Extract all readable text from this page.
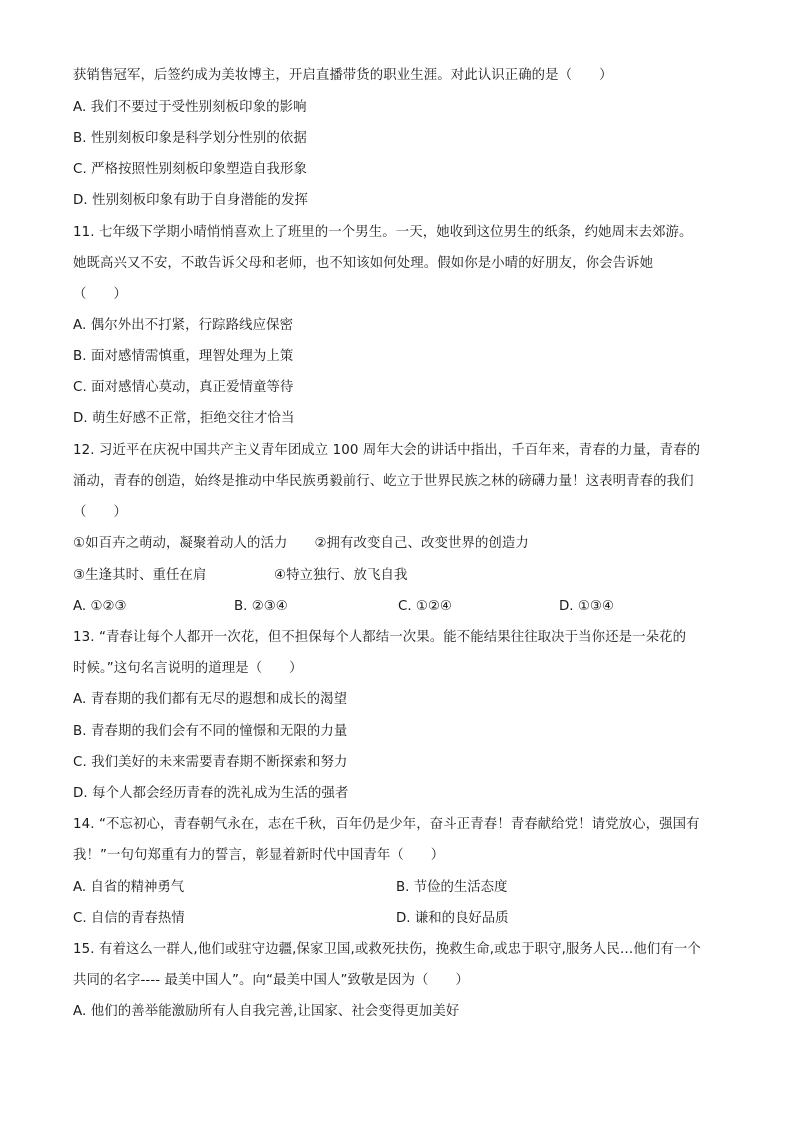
获销售冠军，后签约成为美妆博主，开启直播带货的职业生涯。对此认识正确的是（　　）
A. 我们不要过于受性别刻板印象的影响
B. 性别刻板印象是科学划分性别的依据
C. 严格按照性别刻板印象塑造自我形象
D. 性别刻板印象有助于自身潜能的发挥
11. 七年级下学期小晴悄悄喜欢上了班里的一个男生。一天，她收到这位男生的纸条，约她周末去郊游。
她既高兴又不安，不敢告诉父母和老师，也不知该如何处理。假如你是小晴的好朋友，你会告诉她
（　　）
A. 偶尔外出不打紧，行踪路线应保密
B. 面对感情需慎重，理智处理为上策
C. 面对感情心莫动，真正爱情童等待
D. 萌生好感不正常，拒绝交往才恰当
12. 习近平在庆祝中国共产主义青年团成立 100 周年大会的讲话中指出，千百年来，青春的力量，青春的
涌动，青春的创造，始终是推动中华民族勇毅前行、屹立于世界民族之林的磅礴力量！这表明青春的我们
（　　）
①如百卉之萌动，凝聚着动人的活力　　②拥有改变自己、改变世界的创造力
③生逢其时、重任在肩　　　　　④特立独行、放飞自我
A. ①②③	B. ②③④	C. ①②④	D. ①③④
13. “青春让每个人都开一次花，但不担保每个人都结一次果。能不能结果往往取决于当你还是一朵花的
时候。”这句名言说明的道理是（　　）
A. 青春期的我们都有无尽的遐想和成长的渴望
B. 青春期的我们会有不同的憧憬和无限的力量
C. 我们美好的未来需要青春期不断探索和努力
D. 每个人都会经历青春的洗礼成为生活的强者
14. “不忘初心，青春朝气永在，志在千秋，百年仍是少年，奋斗正青春！青春献给党！请党放心，强国有
我！”一句句郑重有力的誓言，彰显着新时代中国青年（　　）
A. 自省的精神勇气	B. 节俭的生活态度
C. 自信的青春热情	D. 谦和的良好品质
15. 有着这么一群人,他们或驻守边疆,保家卫国,或救死扶伤，挽救生命,或忠于职守,服务人民…他们有一个
共同的名字---- 最美中国人”。向“最美中国人”致敬是因为（　　）
A. 他们的善举能激励所有人自我完善,让国家、社会变得更加美好
